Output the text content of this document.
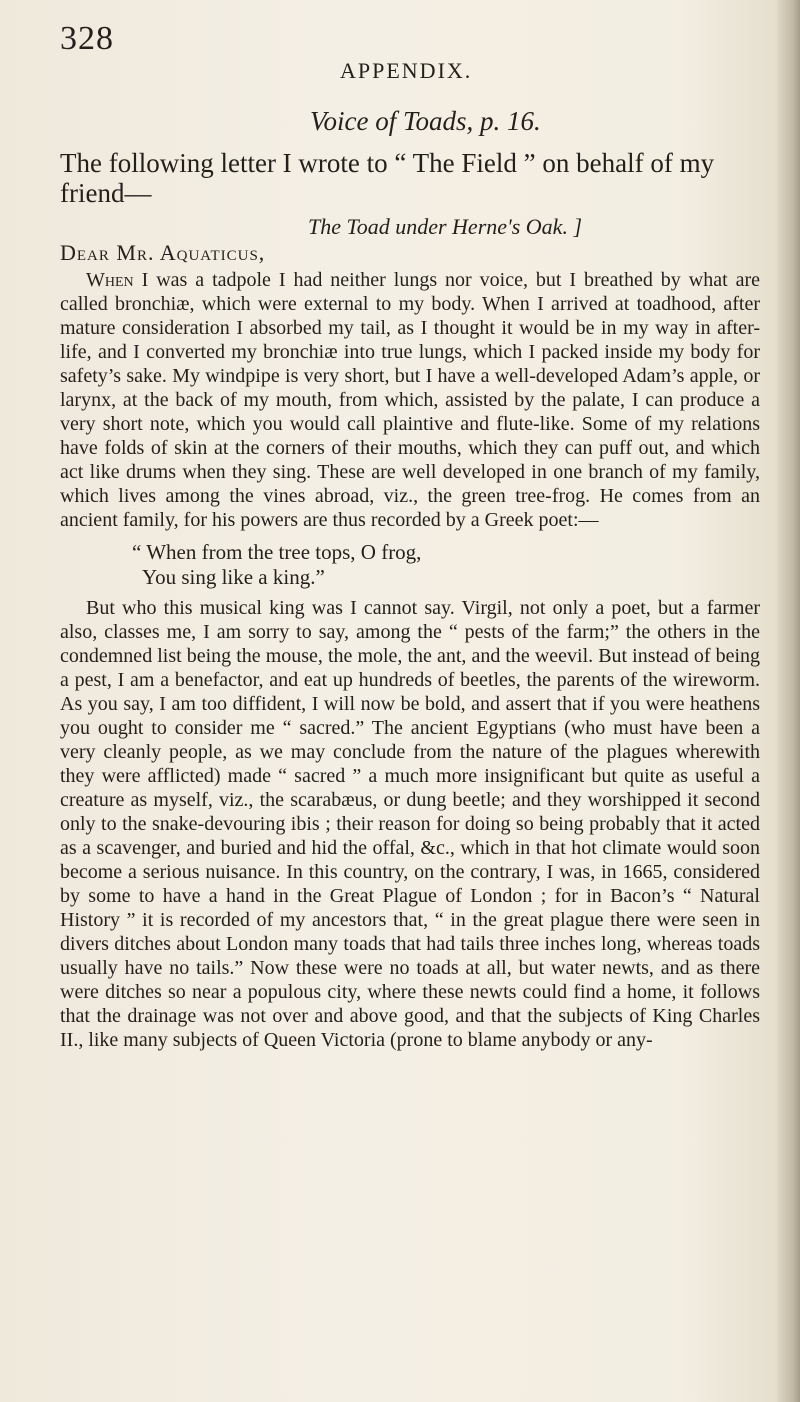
328
APPENDIX.
Voice of Toads, p. 16.
The following letter I wrote to “ The Field ” on behalf of my friend—
The Toad under Herne's Oak. ]
Dear Mr. Aquaticus,

When I was a tadpole I had neither lungs nor voice, but I breathed by what are called bronchiæ, which were external to my body. When I arrived at toadhood, after mature consideration I absorbed my tail, as I thought it would be in my way in after-life, and I converted my bronchiæ into true lungs, which I packed inside my body for safety’s sake. My windpipe is very short, but I have a well-developed Adam’s apple, or larynx, at the back of my mouth, from which, assisted by the palate, I can produce a very short note, which you would call plaintive and flute-like. Some of my relations have folds of skin at the corners of their mouths, which they can puff out, and which act like drums when they sing. These are well developed in one branch of my family, which lives among the vines abroad, viz., the green tree-frog. He comes from an ancient family, for his powers are thus recorded by a Greek poet:—

“ When from the tree tops, O frog,
You sing like a king.”

But who this musical king was I cannot say. Virgil, not only a poet, but a farmer also, classes me, I am sorry to say, among the “ pests of the farm;” the others in the condemned list being the mouse, the mole, the ant, and the weevil. But instead of being a pest, I am a benefactor, and eat up hundreds of beetles, the parents of the wireworm. As you say, I am too diffident, I will now be bold, and assert that if you were heathens you ought to consider me “ sacred.” The ancient Egyptians (who must have been a very cleanly people, as we may conclude from the nature of the plagues wherewith they were afflicted) made “ sacred ” a much more insignificant but quite as useful a creature as myself, viz., the scarabæus, or dung beetle; and they worshipped it second only to the snake-devouring ibis ; their reason for doing so being probably that it acted as a scavenger, and buried and hid the offal, &c., which in that hot climate would soon become a serious nuisance. In this country, on the contrary, I was, in 1665, considered by some to have a hand in the Great Plague of London ; for in Bacon’s “ Natural History ” it is recorded of my ancestors that, “ in the great plague there were seen in divers ditches about London many toads that had tails three inches long, whereas toads usually have no tails.” Now these were no toads at all, but water newts, and as there were ditches so near a populous city, where these newts could find a home, it follows that the drainage was not over and above good, and that the subjects of King Charles II., like many subjects of Queen Victoria (prone to blame anybody or any-
